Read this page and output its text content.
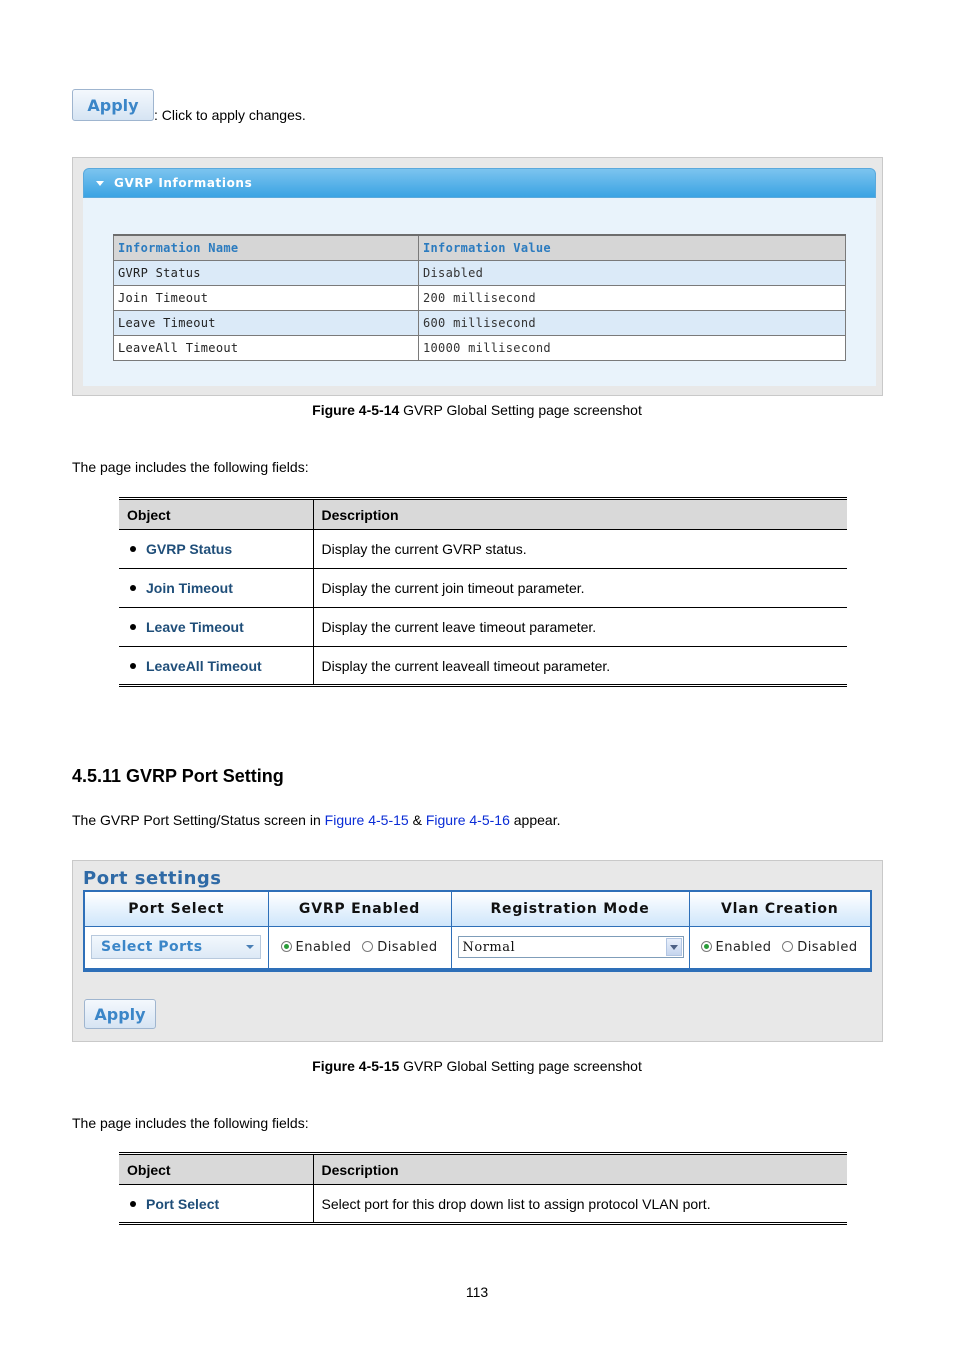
Apply
: Click to apply changes.
GVRP Informations
Information Name	Information Value
GVRP Status	Disabled
Join Timeout	200 millisecond
Leave Timeout	600 millisecond
LeaveAll Timeout	10000 millisecond
Figure 4-5-14 GVRP Global Setting page screenshot
The page includes the following fields:
Object	Description
GVRP Status	Display the current GVRP status.
Join Timeout	Display the current join timeout parameter.
Leave Timeout	Display the current leave timeout parameter.
LeaveAll Timeout	Display the current leaveall timeout parameter.
4.5.11 GVRP Port Setting
The GVRP Port Setting/Status screen in Figure 4-5-15 & Figure 4-5-16 appear.
Port settings
Port Select	GVRP Enabled	Registration Mode	Vlan Creation

Select Ports	Enabled Disabled	Normal	Enabled Disabled
Apply
Figure 4-5-15 GVRP Global Setting page screenshot
The page includes the following fields:
Object	Description
Port Select	Select port for this drop down list to assign protocol VLAN port.
113
